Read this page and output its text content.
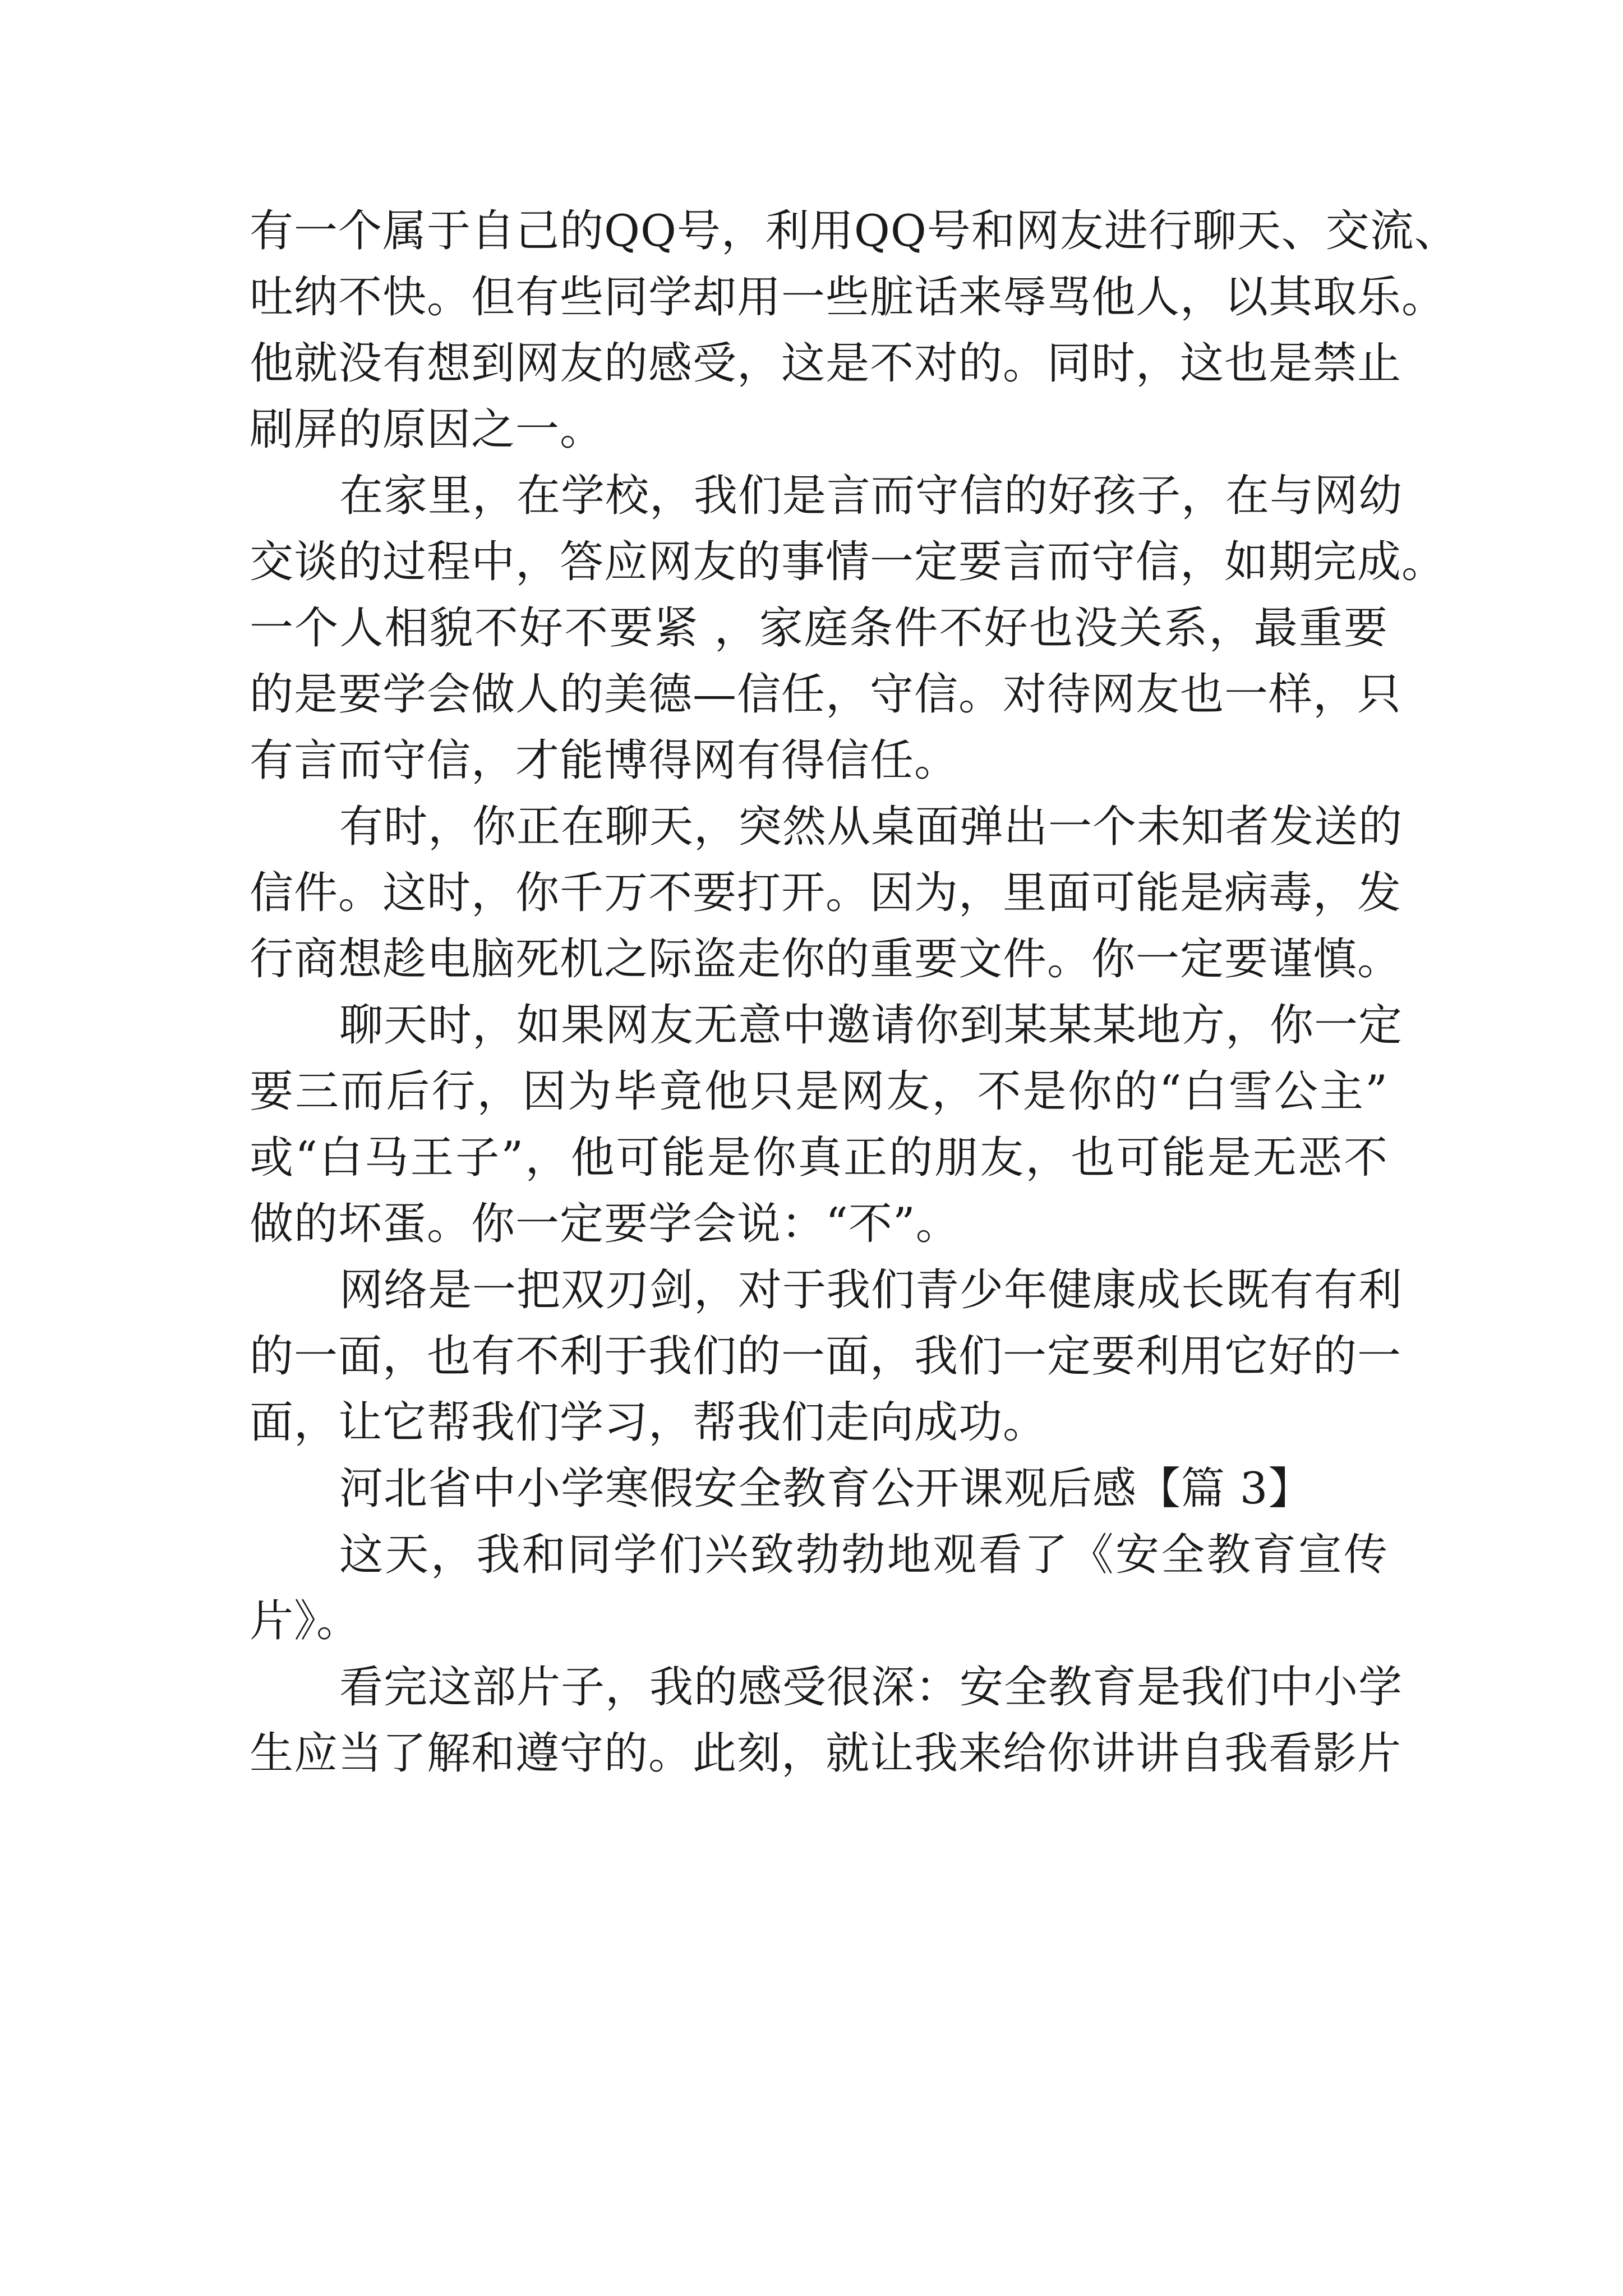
有一个属于自己的QQ号，利用QQ号和网友进行聊天、交流、
吐纳不快。但有些同学却用一些脏话来辱骂他人，以其取乐。
他就没有想到网友的感受，这是不对的。同时，这也是禁止
刷屏的原因之一。
在家里，在学校，我们是言而守信的好孩子，在与网幼
交谈的过程中，答应网友的事情一定要言而守信，如期完成。
一个人相貌不好不要紧 ，家庭条件不好也没关系，最重要
的是要学会做人的美德—信任，守信。对待网友也一样，只
有言而守信，才能博得网有得信任。
有时，你正在聊天，突然从桌面弹出一个未知者发送的
信件。这时，你千万不要打开。因为，里面可能是病毒，发
行商想趁电脑死机之际盗走你的重要文件。你一定要谨慎。
聊天时，如果网友无意中邀请你到某某某地方，你一定
要三而后行，因为毕竟他只是网友，不是你的“白雪公主”
或“白马王子”，他可能是你真正的朋友，也可能是无恶不
做的坏蛋。你一定要学会说：“不”。
网络是一把双刃剑，对于我们青少年健康成长既有有利
的一面，也有不利于我们的一面，我们一定要利用它好的一
面，让它帮我们学习，帮我们走向成功。
河北省中小学寒假安全教育公开课观后感【篇 3】
这天，我和同学们兴致勃勃地观看了《安全教育宣传
片》。
看完这部片子，我的感受很深：安全教育是我们中小学
生应当了解和遵守的。此刻，就让我来给你讲讲自我看影片
